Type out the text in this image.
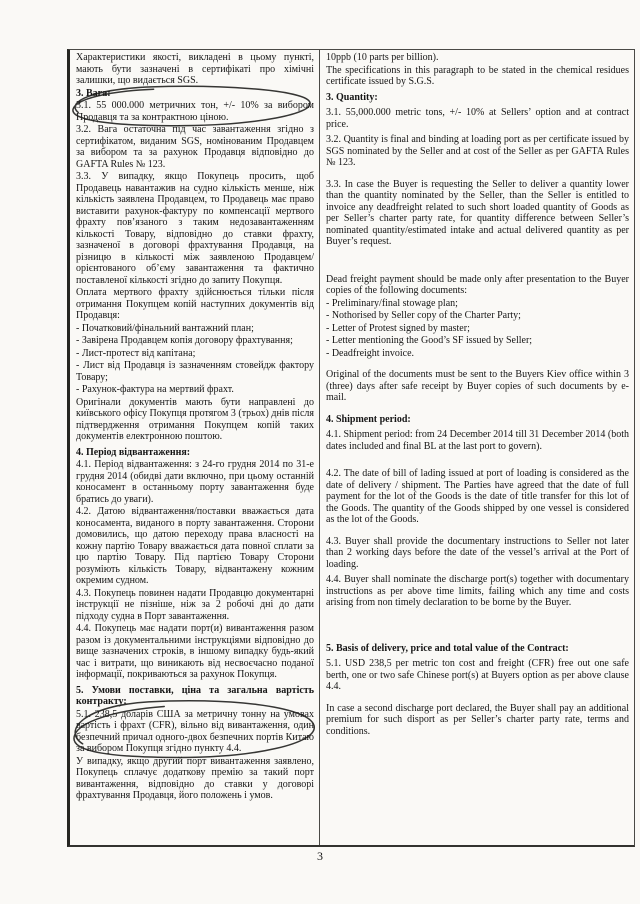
Характеристики якості, викладені в цьому пункті, мають бути зазначені в сертифікаті про хімічні залишки, що видається SGS.

3. Вага:

3.1. 55 000.000 метричних тон, +/- 10% за вибором Продавця та за контрактною ціною.

3.2. Вага остаточна під час завантаження згідно з сертифікатом, виданим SGS, номінованим Продавцем за вибором та за рахунок Продавця відповідно до GAFTA Rules № 123.

3.3. У випадку, якщо Покупець просить, щоб Продавець навантажив на судно кількість менше, ніж кількість заявлена Продавцем, то Продавець має право виставити рахунок-фактуру по компенсації мертвого фрахту пов’язаного з таким недозавантаженням кількості Товару, відповідно до ставки фрахту, зазначеної в договорі фрахтування Продавця, на різницю в кількості між заявленою Продавцем/орієнтованого об’єму завантаження та фактично поставленої кількості згідно до запиту Покупця.

Оплата мертвого фрахту здійснюється тільки після отримання Покупцем копій наступних документів від Продавця:

- Початковий/фінальний вантажний план;

- Завірена Продавцем копія договору фрахтування;

- Лист-протест від капітана;

- Лист від Продавця із зазначенням стовейдж фактору Товару;

- Рахунок-фактура на мертвий фрахт.

Оригінали документів мають бути направлені до київського офісу Покупця протягом 3 (трьох) днів після підтвердження отримання Покупцем копій таких документів електронною поштою.

4. Період відвантаження:

4.1. Період відвантаження: з 24-го грудня 2014 по 31-е грудня 2014 (обидві дати включно, при цьому останній коносамент в останньому порту завантаження буде братись до уваги).

4.2. Датою відвантаження/поставки вважається дата коносамента, виданого в порту завантаження. Сторони домовились, що датою переходу права власності на кожну партію Товару вважається дата повної сплати за цю партію Товару. Під партією Товару Сторони розуміють кількість Товару, відвантажену кожним окремим судном.

4.3. Покупець повинен надати Продавцю документарні інструкції не пізніше, ніж за 2 робочі дні до дати підходу судна в Порт завантаження.

4.4. Покупець має надати порт(и) вивантаження разом разом із документальними інструкціями відповідно до вище зазначених строків, в іншому випадку будь-який час і витрати, що виникають від несвоєчасно поданої інформації, покриваються за рахунок Покупця.

5. Умови поставки, ціна та загальна вартість контракту:

5.1. 238,5 доларів США за метричну тонну на умовах вартість і фрахт (CFR), вільно від вивантаження, один безпечний причал одного-двох безпечних портів Китаю за вибором Покупця згідно пункту 4.4.

У випадку, якщо другий порт вивантаження заявлено, Покупець сплачує додаткову премію за такий порт вивантаження, відповідно до ставки у договорі фрахтування Продавця, його положень і умов.

10ppb (10 parts per billion).

The specifications in this paragraph to be stated in the chemical residues certificate issued by S.G.S.

3. Quantity:

3.1. 55,000.000 metric tons, +/- 10% at Sellers’ option and at contract price.

3.2. Quantity is final and binding at loading port as per certificate issued by SGS nominated by the Seller and at cost of the Seller as per GAFTA Rules № 123.

3.3. In case the Buyer is requesting the Seller to deliver a quantity lower than the quantity nominated by the Seller, than the Seller is entitled to invoice any deadfreight related to such short loaded quantity of Goods as per Seller’s charter party rate, for quantity difference between Seller’s nominated quantity/estimated intake and actual delivered quantity as per Buyer’s request.

Dead freight payment should be made only after presentation to the Buyer copies of the following documents:

- Preliminary/final stowage plan;

- Nothorised by Seller copy of the Charter Party;

- Letter of Protest signed by master;

- Letter mentioning the Good’s SF issued by Seller;

- Deadfreight invoice.

Original of the documents must be sent to the Buyers Kiev office within 3 (three) days after safe receipt by Buyer copies of such documents by e-mail.

4. Shipment period:

4.1. Shipment period: from 24 December 2014 till 31 December 2014 (both dates included and final BL at the last port to govern).

4.2. The date of bill of lading issued at port of loading is considered as the date of delivery / shipment. The Parties have agreed that the date of full payment for the lot of the Goods is the date of title transfer for this lot of the Goods. The quantity of the Goods shipped by one vessel is considered as the lot of the Goods.

4.3. Buyer shall provide the documentary instructions to Seller not later than 2 working days before the date of the vessel’s arrival at the Port of loading.

4.4. Buyer shall nominate the discharge port(s) together with documentary instructions as per above time limits, failing which any time and costs arising from non timely declaration to be borne by the Buyer.

5. Basis of delivery, price and total value of the Contract:

5.1. USD 238,5 per metric ton cost and freight (CFR) free out one safe berth, one or two safe Chinese port(s) at Buyers option as per above clause 4.4.

In case a second discharge port declared, the Buyer shall pay an additional premium for such disport as per Seller’s charter party rate, terms and conditions.

3
